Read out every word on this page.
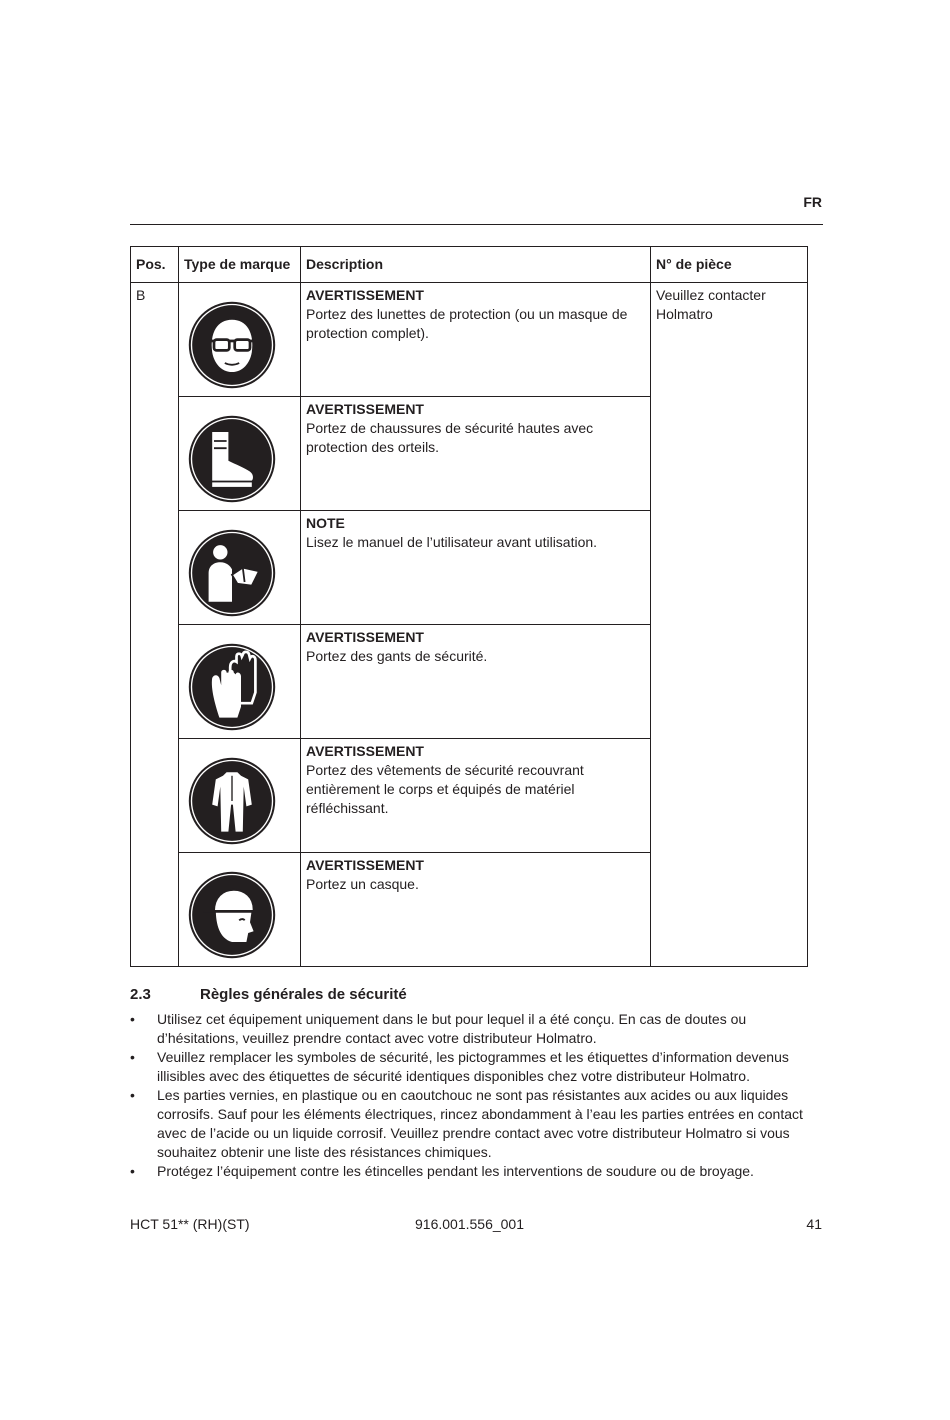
FR
Pos.	Type de marque	Description	N° de pièce
B		AVERTISSEMENT
Portez des lunettes de protection (ou un masque de protection complet).	Veuillez contacter Holmatro

AVERTISSEMENT
Portez de chaussures de sécurité hautes avec protection des orteils.	

NOTE
Lisez le manuel de l’utilisateur avant utilisation.	

AVERTISSEMENT
Portez des gants de sécurité.	

AVERTISSEMENT
Portez des vêtements de sécurité recouvrant entièrement le corps et équipés de matériel réfléchissant.	

AVERTISSEMENT
Portez un casque.	
2.3	Règles générales de sécurité
• Utilisez cet équipement uniquement dans le but pour lequel il a été conçu. En cas de doutes ou d’hésitations, veuillez prendre contact avec votre distributeur Holmatro.
• Veuillez remplacer les symboles de sécurité, les pictogrammes et les étiquettes d’information devenus illisibles avec des étiquettes de sécurité identiques disponibles chez votre distributeur Holmatro.
• Les parties vernies, en plastique ou en caoutchouc ne sont pas résistantes aux acides ou aux liquides corrosifs. Sauf pour les éléments électriques, rincez abondamment à l’eau les parties entrées en contact avec de l’acide ou un liquide corrosif. Veuillez prendre contact avec votre distributeur Holmatro si vous souhaitez obtenir une liste des résistances chimiques.
• Protégez l’équipement contre les étincelles pendant les interventions de soudure ou de broyage.
HCT 51** (RH)(ST)	916.001.556_001	41
